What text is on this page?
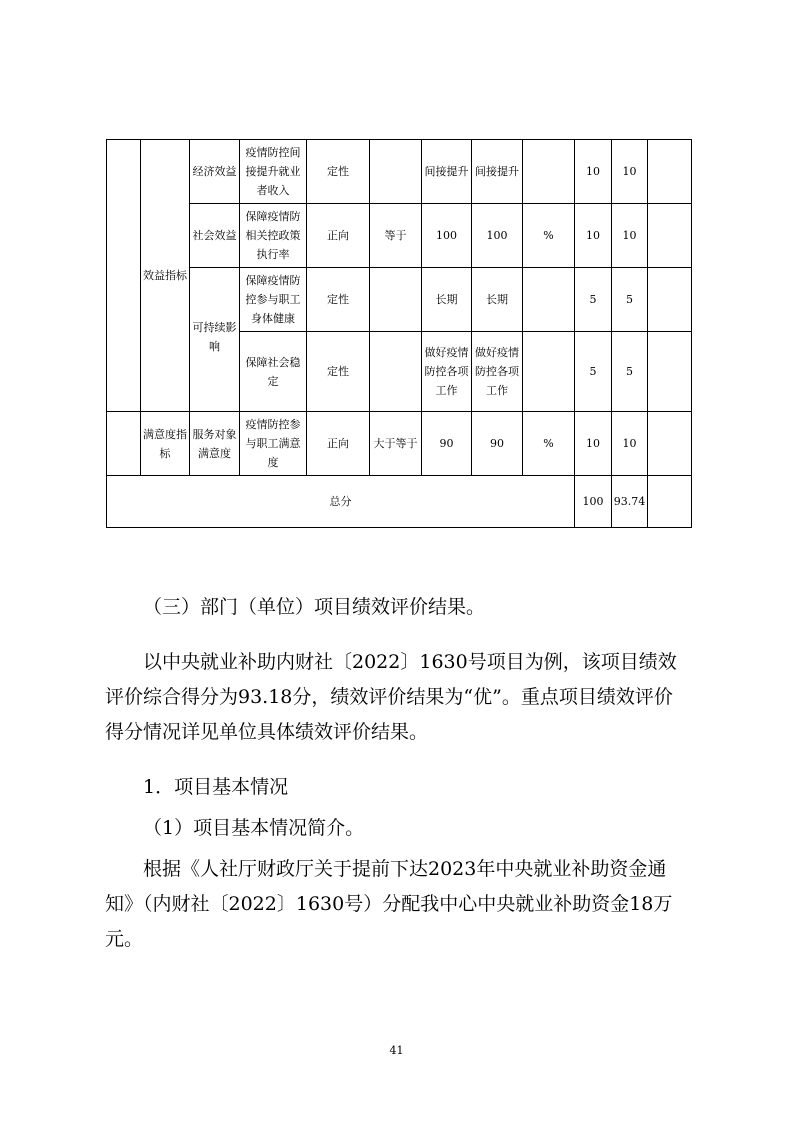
	效益指标	经济效益	疫情防控间接提升就业者收入	定性		间接提升	间接提升		10	10	
		社会效益	保障疫情防相关控政策执行率	正向	等于	100	100	%	10	10	
		可持续影响	保障疫情防控参与职工身体健康	定性		长期	长期		5	5	
			保障社会稳定	定性		做好疫情防控各项工作	做好疫情防控各项工作		5	5	
	满意度指标	服务对象满意度	疫情防控参与职工满意度	正向	大于等于	90	90	%	10	10	
总分									100	93.74	

（三）部门（单位）项目绩效评价结果。

以中央就业补助内财社〔2022〕1630号项目为例，该项目绩效评价综合得分为93.18分，绩效评价结果为“优”。重点项目绩效评价得分情况详见单位具体绩效评价结果。

1．项目基本情况

（1）项目基本情况简介。

根据《人社厅财政厅关于提前下达2023年中央就业补助资金通知》（内财社〔2022〕1630号）分配我中心中央就业补助资金18万元。

41
